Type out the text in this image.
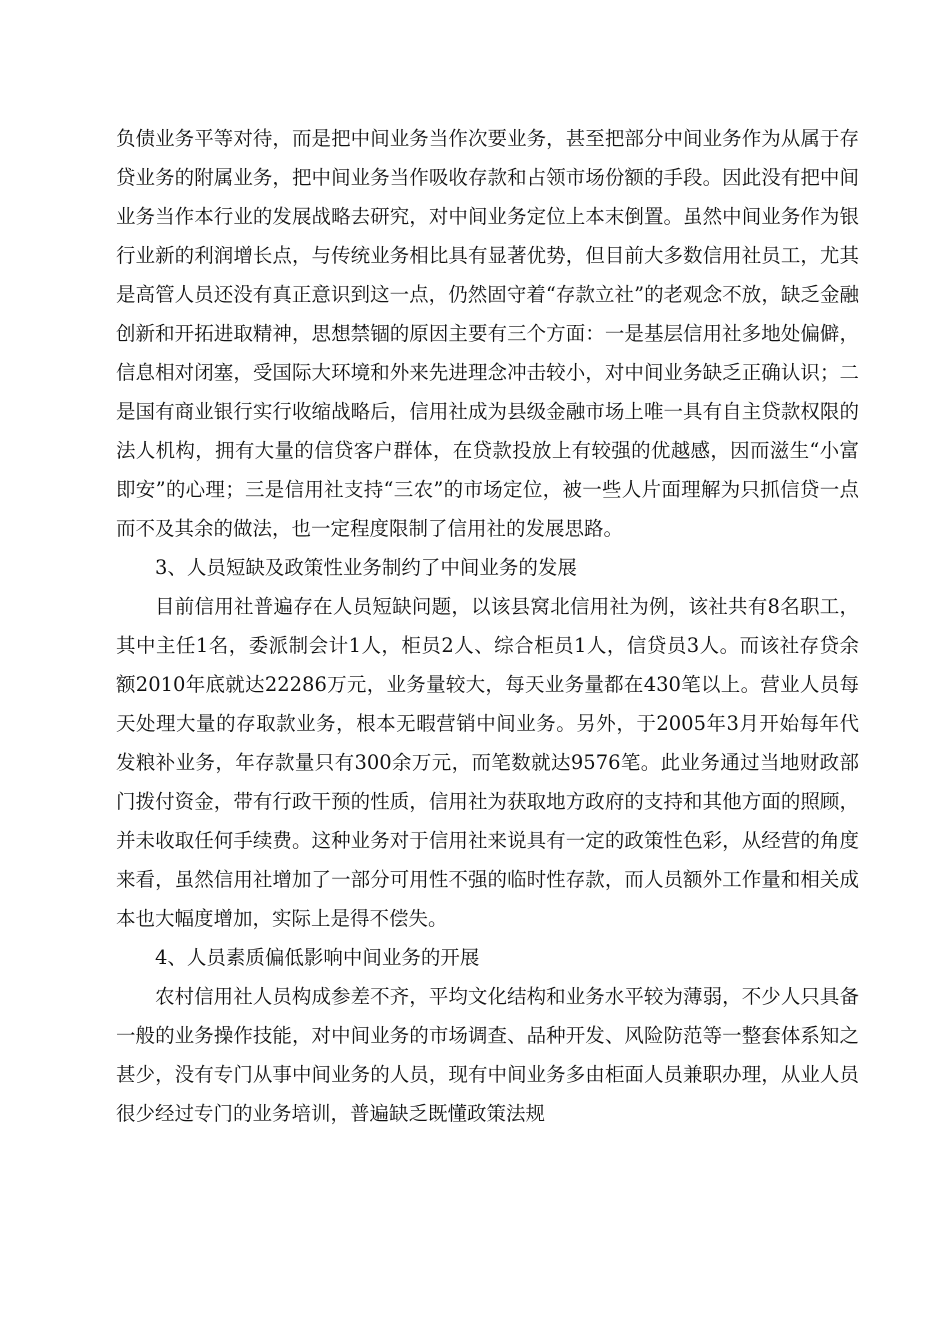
负债业务平等对待，而是把中间业务当作次要业务，甚至把部分中间业务作为从属于存贷业务的附属业务，把中间业务当作吸收存款和占领市场份额的手段。因此没有把中间业务当作本行业的发展战略去研究，对中间业务定位上本末倒置。虽然中间业务作为银行业新的利润增长点，与传统业务相比具有显著优势，但目前大多数信用社员工，尤其是高管人员还没有真正意识到这一点，仍然固守着“存款立社”的老观念不放，缺乏金融创新和开拓进取精神，思想禁锢的原因主要有三个方面：一是基层信用社多地处偏僻，信息相对闭塞，受国际大环境和外来先进理念冲击较小，对中间业务缺乏正确认识；二是国有商业银行实行收缩战略后，信用社成为县级金融市场上唯一具有自主贷款权限的法人机构，拥有大量的信贷客户群体，在贷款投放上有较强的优越感，因而滋生“小富即安”的心理；三是信用社支持“三农”的市场定位，被一些人片面理解为只抓信贷一点而不及其余的做法，也一定程度限制了信用社的发展思路。

3、人员短缺及政策性业务制约了中间业务的发展

目前信用社普遍存在人员短缺问题，以该县窝北信用社为例，该社共有8名职工，其中主任1名，委派制会计1人，柜员2人、综合柜员1人，信贷员3人。而该社存贷余额2010年底就达22286万元，业务量较大，每天业务量都在430笔以上。营业人员每天处理大量的存取款业务，根本无暇营销中间业务。另外，于2005年3月开始每年代发粮补业务，年存款量只有300余万元，而笔数就达9576笔。此业务通过当地财政部门拨付资金，带有行政干预的性质，信用社为获取地方政府的支持和其他方面的照顾，并未收取任何手续费。这种业务对于信用社来说具有一定的政策性色彩，从经营的角度来看，虽然信用社增加了一部分可用性不强的临时性存款，而人员额外工作量和相关成本也大幅度增加，实际上是得不偿失。

4、人员素质偏低影响中间业务的开展

农村信用社人员构成参差不齐，平均文化结构和业务水平较为薄弱，不少人只具备一般的业务操作技能，对中间业务的市场调查、品种开发、风险防范等一整套体系知之甚少，没有专门从事中间业务的人员，现有中间业务多由柜面人员兼职办理，从业人员很少经过专门的业务培训，普遍缺乏既懂政策法规
